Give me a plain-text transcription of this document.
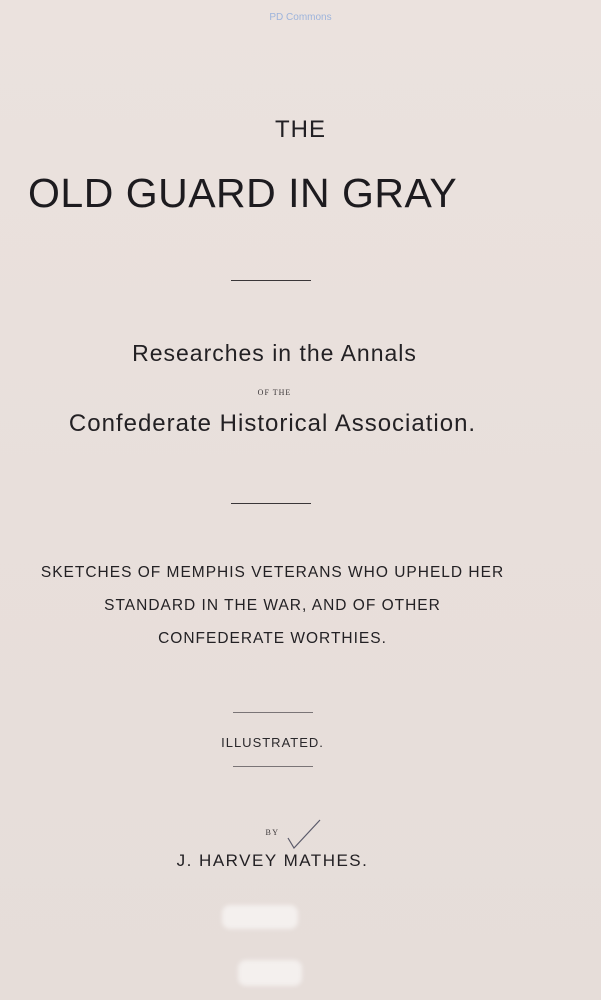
PD Commons
THE
OLD GUARD IN GRAY
Researches in the Annals
OF THE
Confederate Historical Association.
SKETCHES OF MEMPHIS VETERANS WHO UPHELD HER
STANDARD IN THE WAR, AND OF OTHER
CONFEDERATE WORTHIES.
ILLUSTRATED.
BY
J. HARVEY MATHES.
